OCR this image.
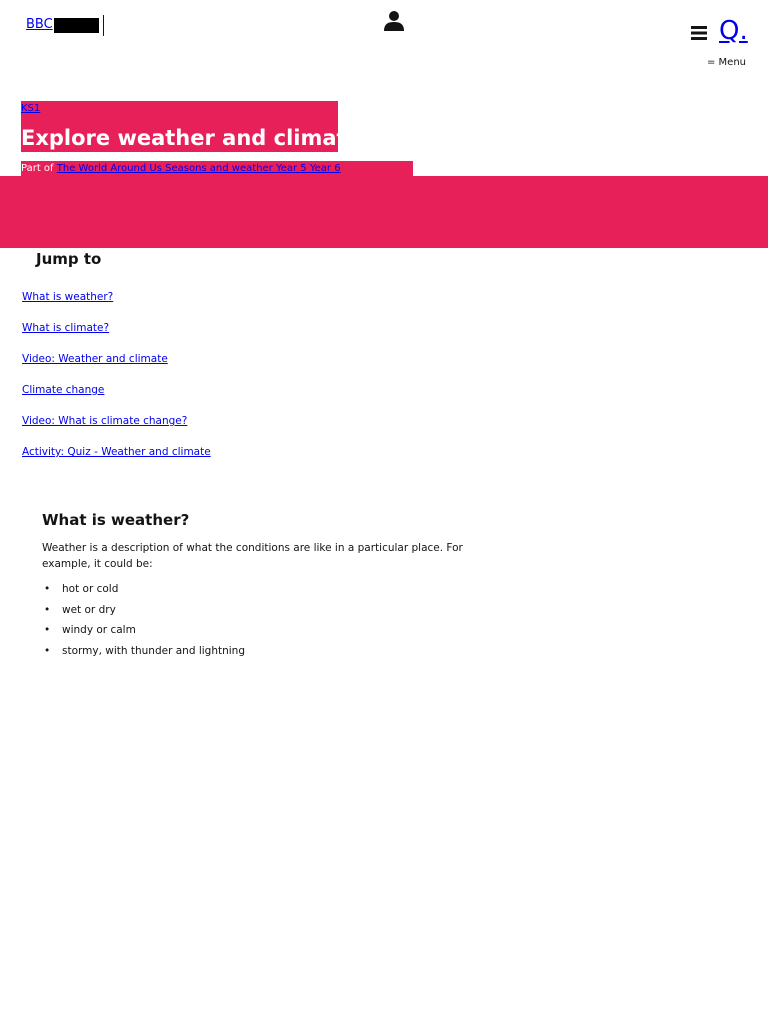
BBC	Q.
= Menu
KS1
Explore weather and climate
Part of The World Around Us Seasons and weather Year 5 Year 6
Jump to
What is weather?
What is climate?
Video: Weather and climate
Climate change
Video: What is climate change?
Activity: Quiz - Weather and climate
What is weather?

Weather is a description of what the conditions are like in a particular place. For example, it could be:

• hot or cold
• wet or dry
• windy or calm
• stormy, with thunder and lightning
